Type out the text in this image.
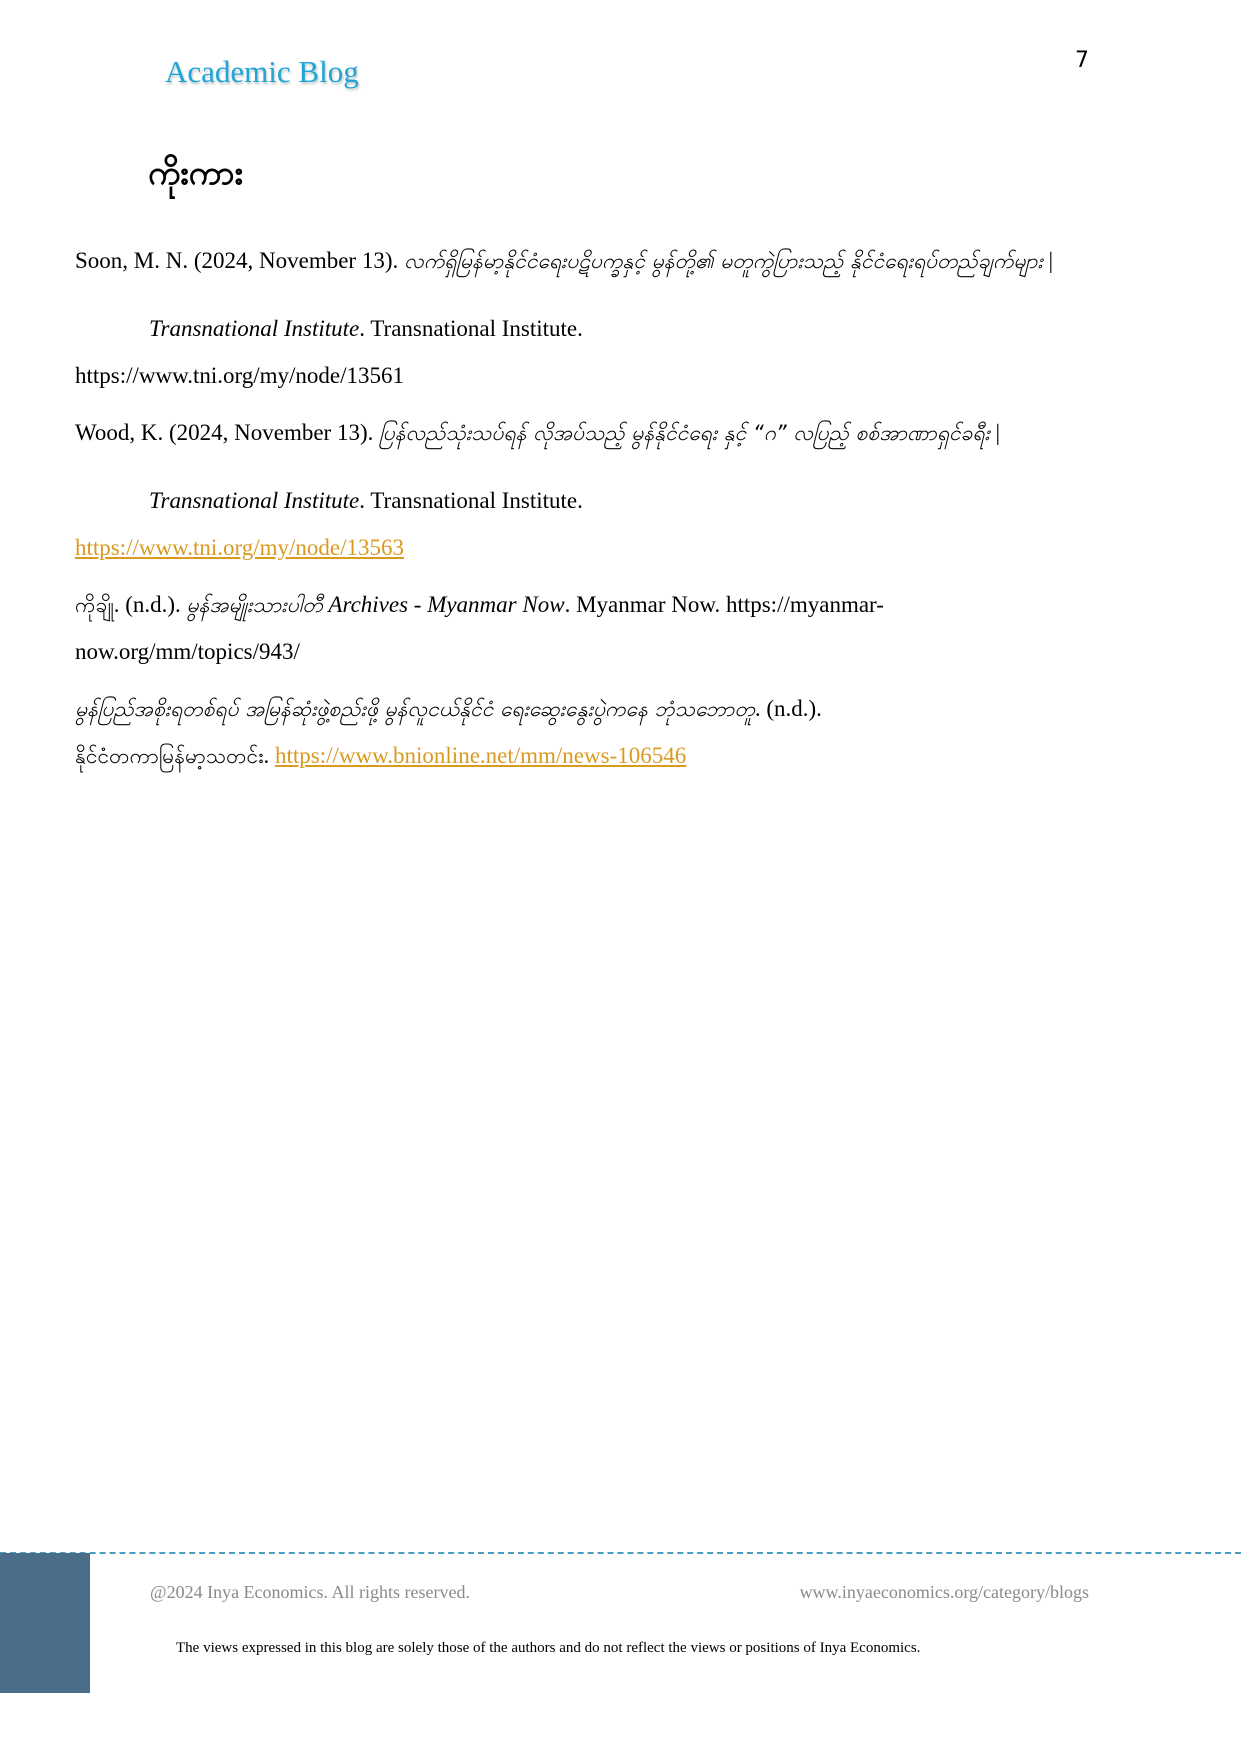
Academic Blog	7
ကိုးကား
Soon, M. N. (2024, November 13). လက်ရှိမြန်မာ့နိုင်ငံရေးပဋိပက္ခနှင့် မွန်တို့၏ မတူကွဲပြားသည့် နိုင်ငံရေးရပ်တည်ချက်များ | Transnational Institute. Transnational Institute.
https://www.tni.org/my/node/13561
Wood, K. (2024, November 13). ပြန်လည်သုံးသပ်ရန် လိုအပ်သည့် မွန်နိုင်ငံရေး နှင့် “ဂ” လပြည့် စစ်အာဏာရှင်ခရီး | Transnational Institute. Transnational Institute.
https://www.tni.org/my/node/13563
ကိုချို. (n.d.). မွန်အမျိုးသားပါတီ Archives - Myanmar Now. Myanmar Now. https://myanmar-
now.org/mm/topics/943/
မွန်ပြည်အစိုးရတစ်ရပ် အမြန်ဆုံးဖွဲ့စည်းဖို့ မွန်လူငယ်နိုင်ငံ ရေးဆွေးနွေးပွဲကနေ ဘုံသဘောတူ. (n.d.).
နိုင်ငံတကာမြန်မာ့သတင်း. https://www.bnionline.net/mm/news-106546
@2024 Inya Economics. All rights reserved.	www.inyaeconomics.org/category/blogs
The views expressed in this blog are solely those of the authors and do not reflect the views or positions of Inya Economics.
